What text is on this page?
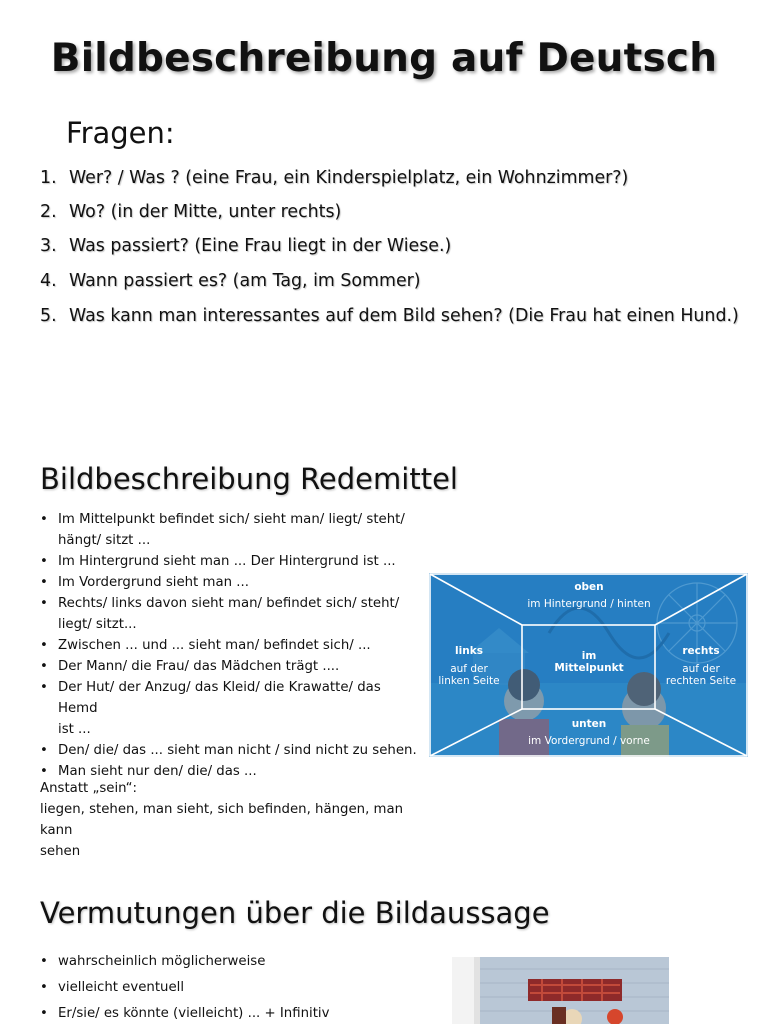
Bildbeschreibung auf Deutsch
Fragen:
1. Wer? / Was ? (eine Frau, ein Kinderspielplatz, ein Wohnzimmer?)
2. Wo? (in der Mitte, unter rechts)
3. Was passiert? (Eine Frau liegt in der Wiese.)
4. Wann passiert es? (am Tag, im Sommer)
5. Was kann man interessantes auf dem Bild sehen? (Die Frau hat einen Hund.)
Bildbeschreibung Redemittel
• Im Mittelpunkt befindet sich/ sieht man/ liegt/ steht/
hängt/ sitzt ...
• Im Hintergrund sieht man ... Der Hintergrund ist ...
• Im Vordergrund sieht man ...
• Rechts/ links davon sieht man/ befindet sich/ steht/
liegt/ sitzt...
• Zwischen ... und ... sieht man/ befindet sich/ ...
• Der Mann/ die Frau/ das Mädchen trägt ....
• Der Hut/ der Anzug/ das Kleid/ die Krawatte/ das Hemd
ist ...
• Den/ die/ das ... sieht man nicht / sind nicht zu sehen.
• Man sieht nur den/ die/ das ...
Anstatt „sein“:
liegen, stehen, man sieht, sich befinden, hängen, man kann
sehen
oben
im Hintergrund / hinten
links
auf der
linken Seite
im
Mittelpunkt
rechts
auf der
rechten Seite
unten
im Vordergrund / vorne
Vermutungen über die Bildaussage
• wahrscheinlich möglicherweise
• vielleicht eventuell
• Er/sie/ es könnte (vielleicht) ... + Infinitiv
